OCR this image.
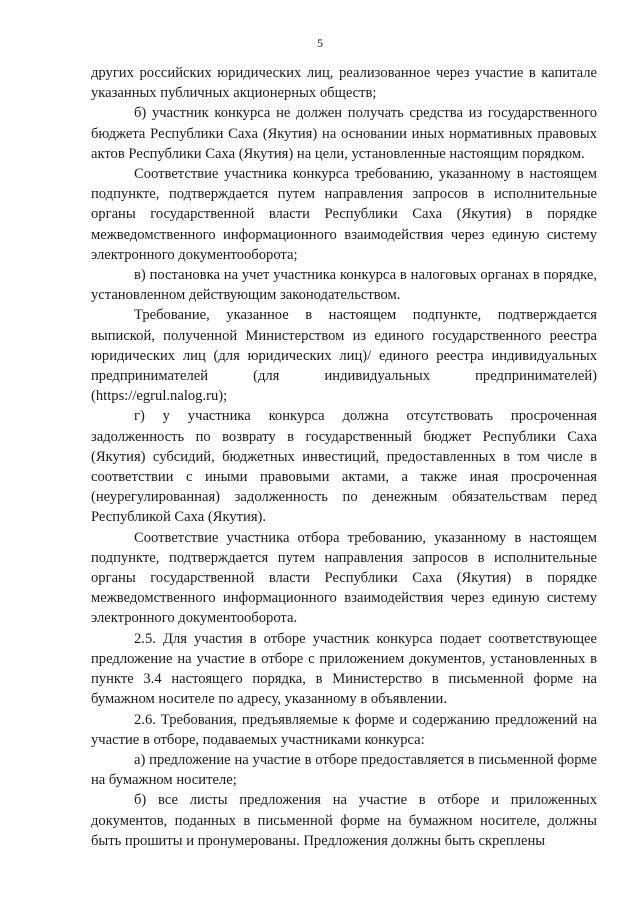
5

других российских юридических лиц, реализованное через участие в капитале указанных публичных акционерных обществ;

б) участник конкурса не должен получать средства из государственного бюджета Республики Саха (Якутия) на основании иных нормативных правовых актов Республики Саха (Якутия) на цели, установленные настоящим порядком.

Соответствие участника конкурса требованию, указанному в настоящем подпункте, подтверждается путем направления запросов в исполнительные органы государственной власти Республики Саха (Якутия) в порядке межведомственного информационного взаимодействия через единую систему электронного документооборота;

в) постановка на учет участника конкурса в налоговых органах в порядке, установленном действующим законодательством.

Требование, указанное в настоящем подпункте, подтверждается выпиской, полученной Министерством из единого государственного реестра юридических лиц (для юридических лиц)/ единого реестра индивидуальных предпринимателей (для индивидуальных предпринимателей) (https://egrul.nalog.ru);

г) у участника конкурса должна отсутствовать просроченная задолженность по возврату в государственный бюджет Республики Саха (Якутия) субсидий, бюджетных инвестиций, предоставленных в том числе в соответствии с иными правовыми актами, а также иная просроченная (неурегулированная) задолженность по денежным обязательствам перед Республикой Саха (Якутия).

Соответствие участника отбора требованию, указанному в настоящем подпункте, подтверждается путем направления запросов в исполнительные органы государственной власти Республики Саха (Якутия) в порядке межведомственного информационного взаимодействия через единую систему электронного документооборота.

2.5. Для участия в отборе участник конкурса подает соответствующее предложение на участие в отборе с приложением документов, установленных в пункте 3.4 настоящего порядка, в Министерство в письменной форме на бумажном носителе по адресу, указанному в объявлении.

2.6. Требования, предъявляемые к форме и содержанию предложений на участие в отборе, подаваемых участниками конкурса:

а) предложение на участие в отборе предоставляется в письменной форме на бумажном носителе;

б) все листы предложения на участие в отборе и приложенных документов, поданных в письменной форме на бумажном носителе, должны быть прошиты и пронумерованы. Предложения должны быть скреплены
